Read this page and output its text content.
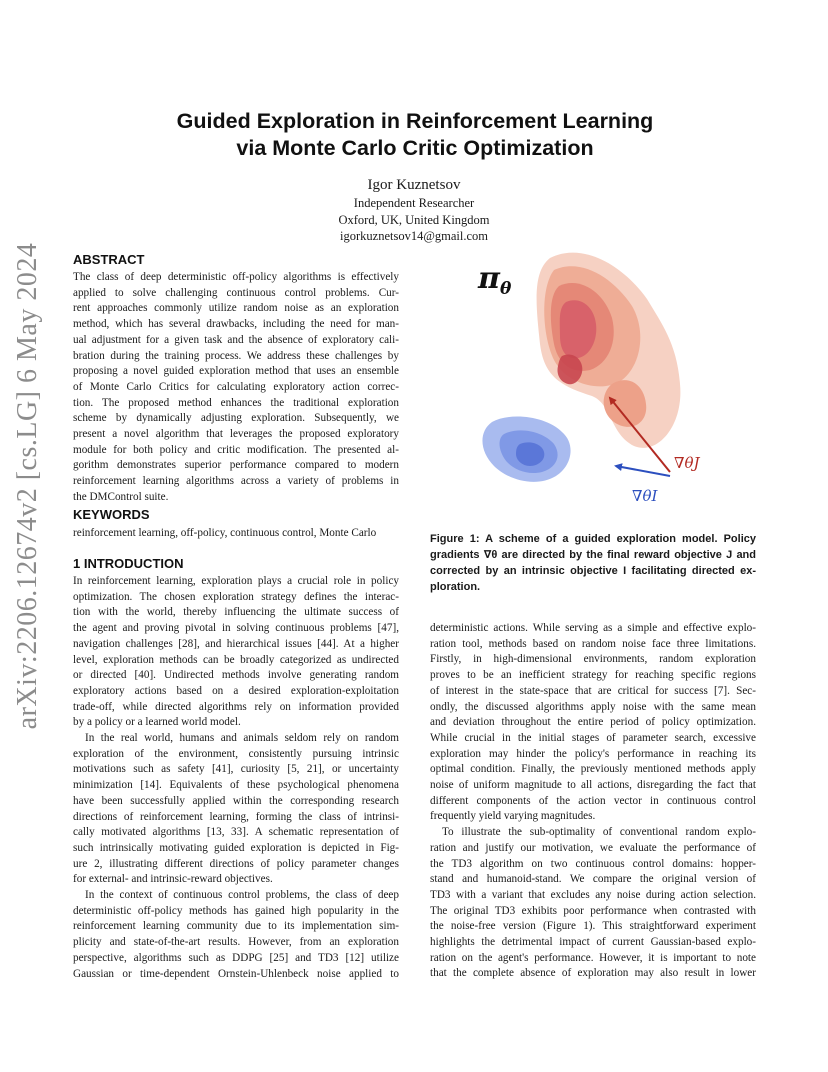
arXiv:2206.12674v2 [cs.LG] 6 May 2024
Guided Exploration in Reinforcement Learning
via Monte Carlo Critic Optimization
Igor Kuznetsov
Independent Researcher
Oxford, UK, United Kingdom
igorkuznetsov14@gmail.com
ABSTRACT
The class of deep deterministic off-policy algorithms is effectively
applied to solve challenging continuous control problems. Cur-
rent approaches commonly utilize random noise as an exploration
method, which has several drawbacks, including the need for man-
ual adjustment for a given task and the absence of exploratory cali-
bration during the training process. We address these challenges by
proposing a novel guided exploration method that uses an ensemble
of Monte Carlo Critics for calculating exploratory action correc-
tion. The proposed method enhances the traditional exploration
scheme by dynamically adjusting exploration. Subsequently, we
present a novel algorithm that leverages the proposed exploratory
module for both policy and critic modification. The presented al-
gorithm demonstrates superior performance compared to modern
reinforcement learning algorithms across a variety of problems in
the DMControl suite.
KEYWORDS
reinforcement learning, off-policy, continuous control, Monte Carlo
1 INTRODUCTION
In reinforcement learning, exploration plays a crucial role in policy
optimization. The chosen exploration strategy defines the interac-
tion with the world, thereby influencing the ultimate success of
the agent and proving pivotal in solving continuous problems [47],
navigation challenges [28], and hierarchical issues [44]. At a higher
level, exploration methods can be broadly categorized as undirected
or directed [40]. Undirected methods involve generating random
exploratory actions based on a desired exploration-exploitation
trade-off, while directed algorithms rely on information provided
by a policy or a learned world model.
In the real world, humans and animals seldom rely on random
exploration of the environment, consistently pursuing intrinsic
motivations such as safety [41], curiosity [5, 21], or uncertainty
minimization [14]. Equivalents of these psychological phenomena
have been successfully applied within the corresponding research
directions of reinforcement learning, forming the class of intrinsi-
cally motivated algorithms [13, 33]. A schematic representation of
such intrinsically motivating guided exploration is depicted in Fig-
ure 2, illustrating different directions of policy parameter changes
for external- and intrinsic-reward objectives.
In the context of continuous control problems, the class of deep
deterministic off-policy methods has gained high popularity in the
reinforcement learning community due to its implementation sim-
plicity and state-of-the-art results. However, from an exploration
perspective, algorithms such as DDPG [25] and TD3 [12] utilize
Gaussian or time-dependent Ornstein-Uhlenbeck noise applied to
$\pi_\theta$
∇θJ
∇θI
Figure 1: A scheme of a guided exploration model. Policy
gradients ∇θ are directed by the final reward objective J and
corrected by an intrinsic objective I facilitating directed ex-
ploration.
deterministic actions. While serving as a simple and effective explo-
ration tool, methods based on random noise face three limitations.
Firstly, in high-dimensional environments, random exploration
proves to be an inefficient strategy for reaching specific regions
of interest in the state-space that are critical for success [7]. Sec-
ondly, the discussed algorithms apply noise with the same mean
and deviation throughout the entire period of policy optimization.
While crucial in the initial stages of parameter search, excessive
exploration may hinder the policy's performance in reaching its
optimal condition. Finally, the previously mentioned methods apply
noise of uniform magnitude to all actions, disregarding the fact that
different components of the action vector in continuous control
frequently yield varying magnitudes.
To illustrate the sub-optimality of conventional random explo-
ration and justify our motivation, we evaluate the performance of
the TD3 algorithm on two continuous control domains: hopper-
stand and humanoid-stand. We compare the original version of
TD3 with a variant that excludes any noise during action selection.
The original TD3 exhibits poor performance when contrasted with
the noise-free version (Figure 1). This straightforward experiment
highlights the detrimental impact of current Gaussian-based explo-
ration on the agent's performance. However, it is important to note
that the complete absence of exploration may also result in lower
